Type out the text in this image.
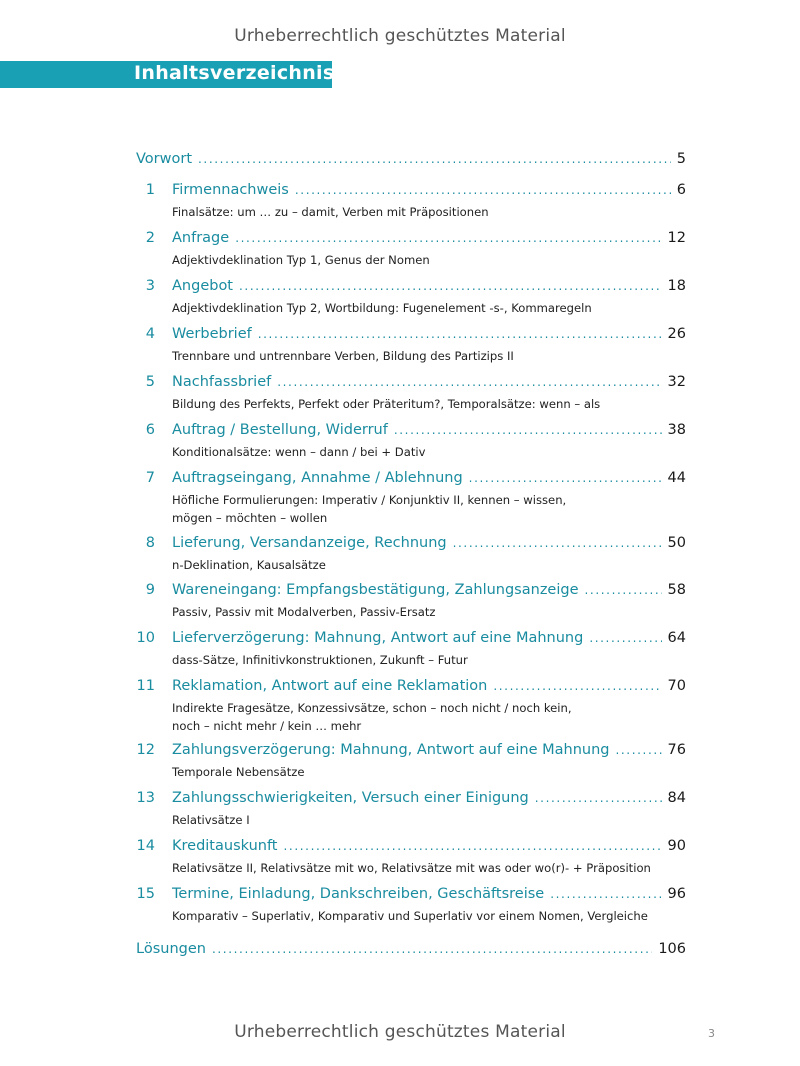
Urheberrechtlich geschütztes Material
Inhaltsverzeichnis
Vorwort .....	5
1 Firmennachweis .....	6
Finalsätze: um … zu – damit, Verben mit Präpositionen
2 Anfrage .....	12
Adjektivdeklination Typ 1, Genus der Nomen
3 Angebot .....	18
Adjektivdeklination Typ 2, Wortbildung: Fugenelement -s-, Kommaregeln
4 Werbebrief .....	26
Trennbare und untrennbare Verben, Bildung des Partizips II
5 Nachfassbrief .....	32
Bildung des Perfekts, Perfekt oder Präteritum?, Temporalsätze: wenn – als
6 Auftrag / Bestellung, Widerruf .....	38
Konditionalsätze: wenn – dann / bei + Dativ
7 Auftragseingang, Annahme / Ablehnung .....	44
Höfliche Formulierungen: Imperativ / Konjunktiv II, kennen – wissen,
mögen – möchten – wollen
8 Lieferung, Versandanzeige, Rechnung .....	50
n-Deklination, Kausalsätze
9 Wareneingang: Empfangsbestätigung, Zahlungsanzeige .....	58
Passiv, Passiv mit Modalverben, Passiv-Ersatz
10 Lieferverzögerung: Mahnung, Antwort auf eine Mahnung .....	64
dass-Sätze, Infinitivkonstruktionen, Zukunft – Futur
11 Reklamation, Antwort auf eine Reklamation .....	70
Indirekte Fragesätze, Konzessivsätze, schon – noch nicht / noch kein,
noch – nicht mehr / kein … mehr
12 Zahlungsverzögerung: Mahnung, Antwort auf eine Mahnung .....	76
Temporale Nebensätze
13 Zahlungsschwierigkeiten, Versuch einer Einigung .....	84
Relativsätze I
14 Kreditauskunft .....	90
Relativsätze II, Relativsätze mit wo, Relativsätze mit was oder wo(r)- + Präposition
15 Termine, Einladung, Dankschreiben, Geschäftsreise .....	96
Komparativ – Superlativ, Komparativ und Superlativ vor einem Nomen, Vergleiche
Lösungen .....	106
Urheberrechtlich geschütztes Material	3
